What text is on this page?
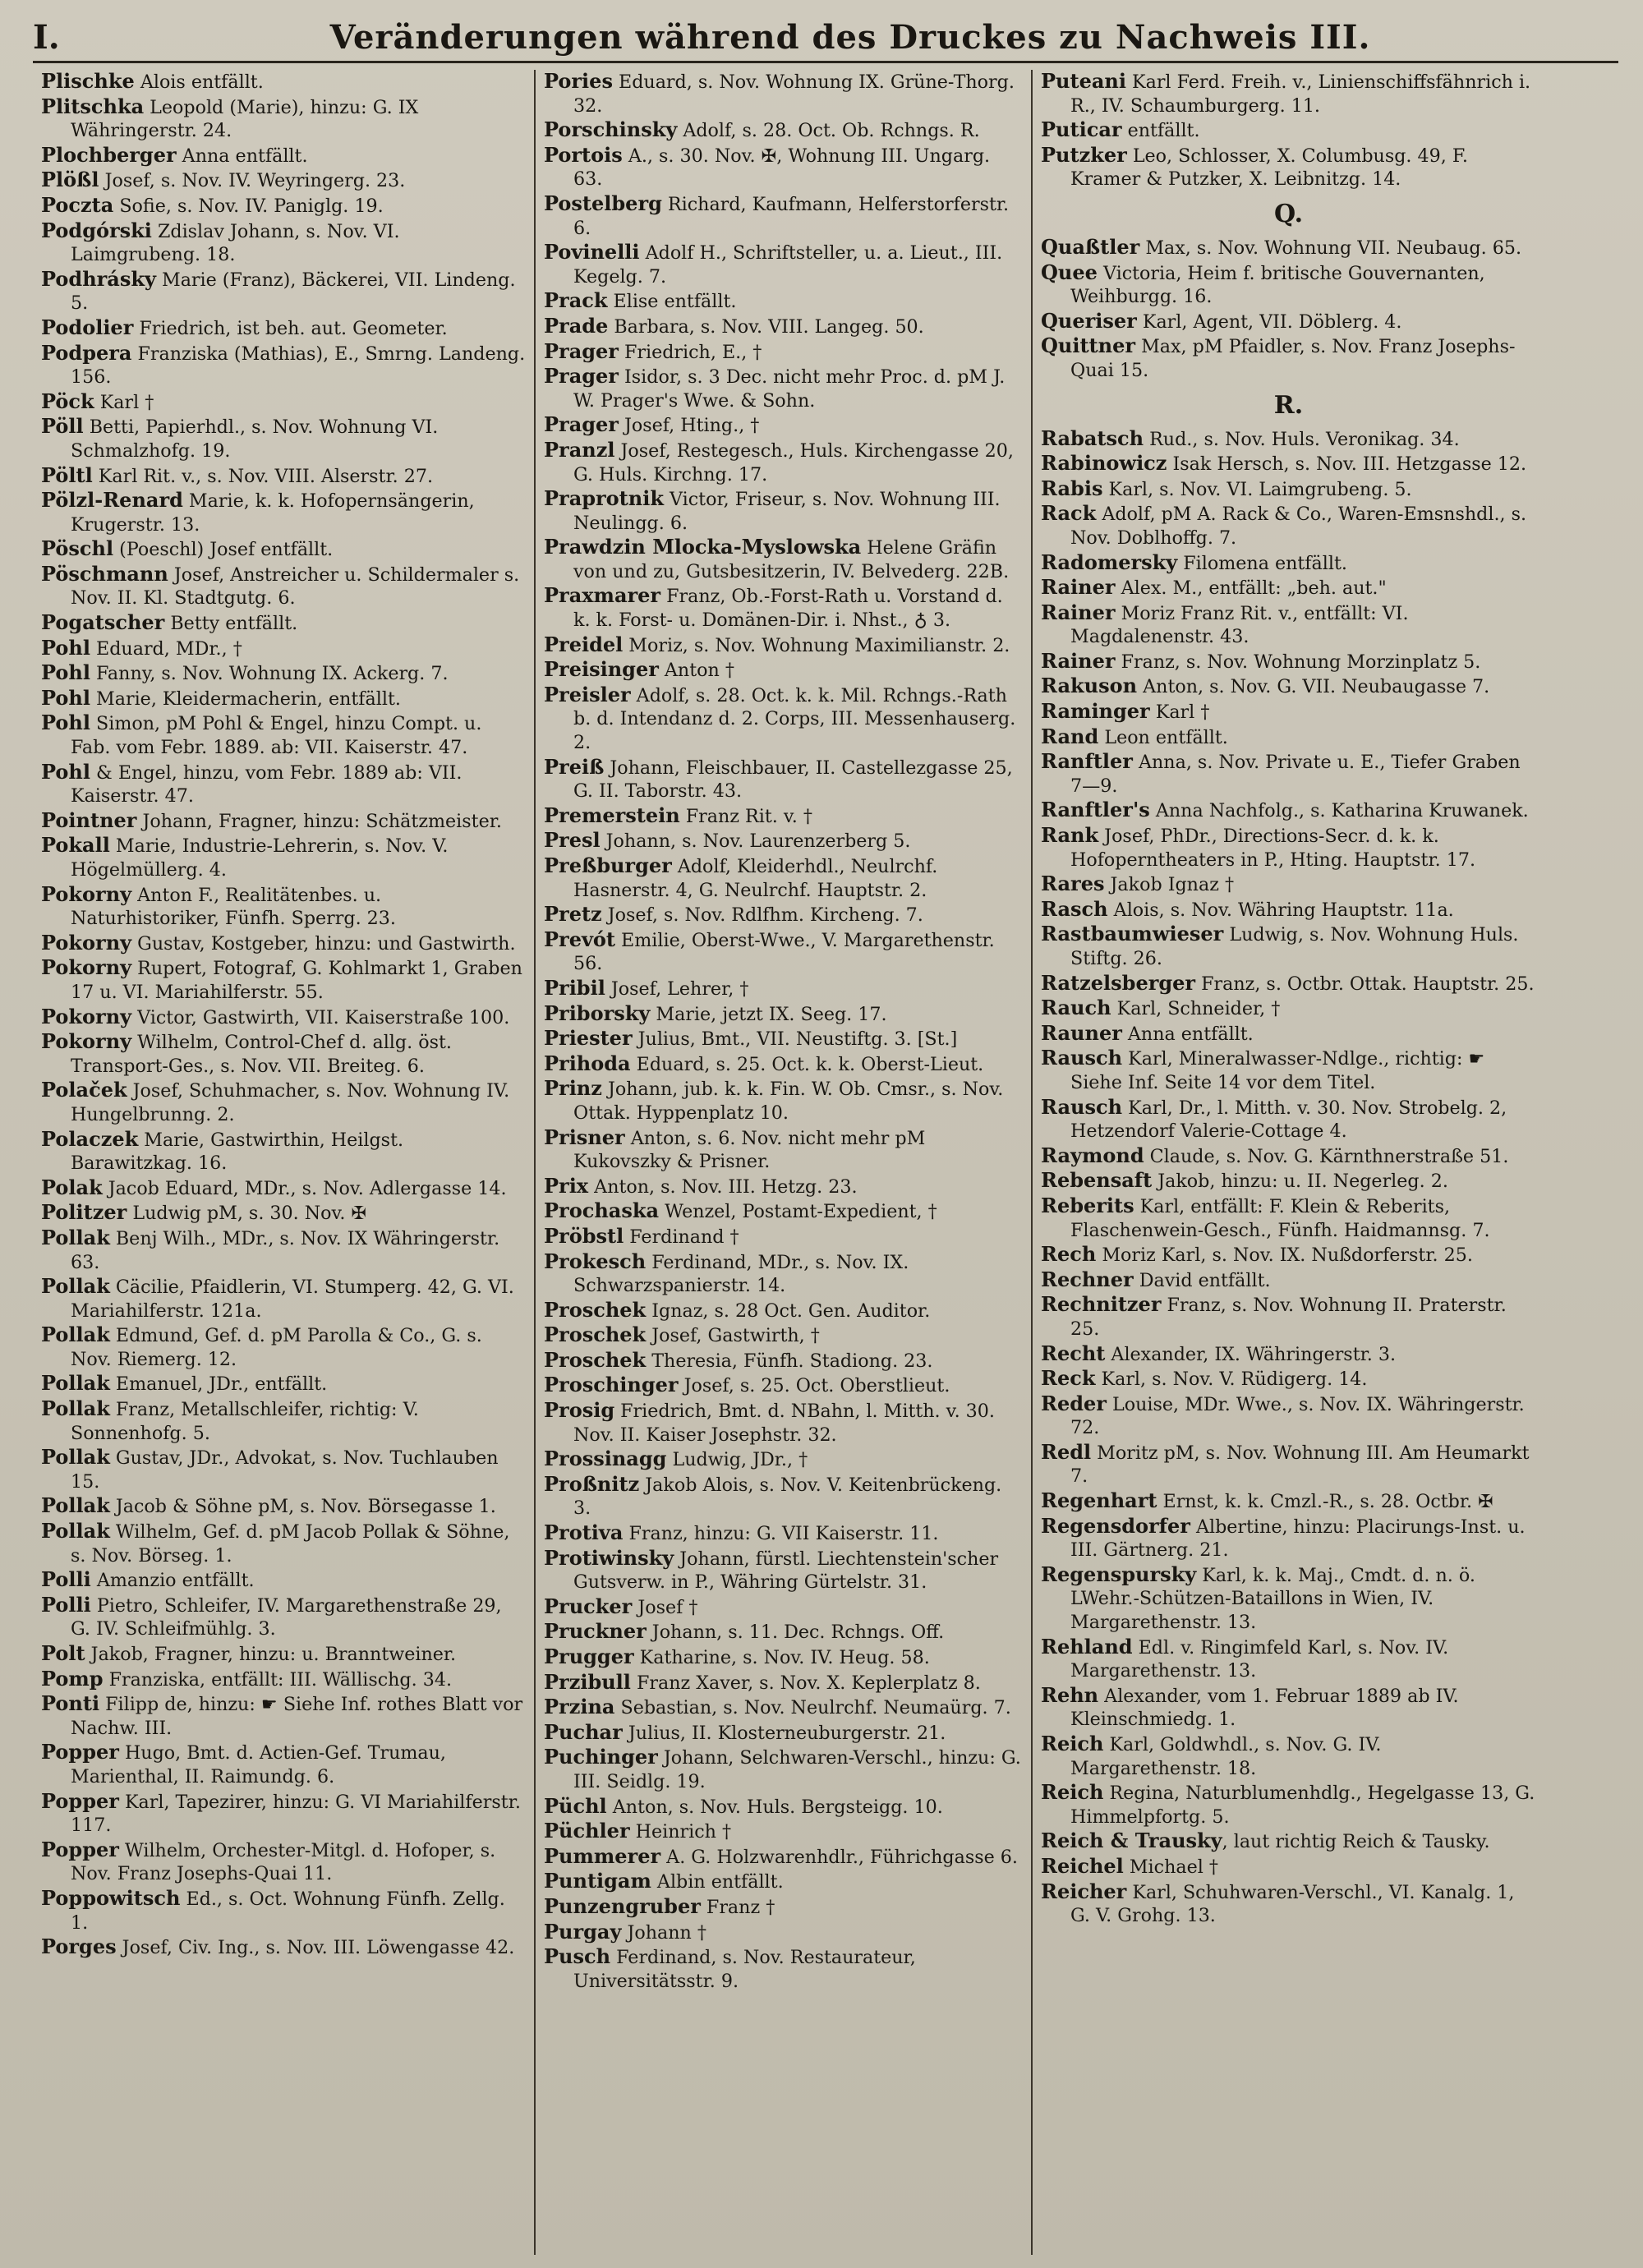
I.	Veränderungen während des Druckes zu Nachweis III.
Plischke Alois entfällt.
Plitschka Leopold (Marie), hinzu: G. IX Währingerstr. 24.
Plochberger Anna entfällt.
Plößl Josef, s. Nov. IV. Weyringerg. 23.
Poczta Sofie, s. Nov. IV. Paniglg. 19.
Podgórski Zdislav Johann, s. Nov. VI. Laimgrubeng. 18.
Podhrásky Marie (Franz), Bäckerei, VII. Lindeng. 5.
Podolier Friedrich, ist beh. aut. Geometer.
Podpera Franziska (Mathias), E., Smrng. Landeng. 156.
Pöck Karl †
Pöll Betti, Papierhdl., s. Nov. Wohnung VI. Schmalzhofg. 19.
Pöltl Karl Rit. v., s. Nov. VIII. Alserstr. 27.
Pölzl-Renard Marie, k. k. Hofopernsängerin, Krugerstr. 13.
Pöschl (Poeschl) Josef entfällt.
Pöschmann Josef, Anstreicher u. Schildermaler s. Nov. II. Kl. Stadtgutg. 6.
Pogatscher Betty entfällt.
Pohl Eduard, MDr., †
Pohl Fanny, s. Nov. Wohnung IX. Ackerg. 7.
Pohl Marie, Kleidermacherin, entfällt.
Pohl Simon, pM Pohl & Engel, hinzu Compt. u. Fab. vom Febr. 1889. ab: VII. Kaiserstr. 47.
Pohl & Engel, hinzu, vom Febr. 1889 ab: VII. Kaiserstr. 47.
Pointner Johann, Fragner, hinzu: Schätzmeister.
Pokall Marie, Industrie-Lehrerin, s. Nov. V. Högelmüllerg. 4.
Pokorny Anton F., Realitätenbes. u. Naturhistoriker, Fünfh. Sperrg. 23.
Pokorny Gustav, Kostgeber, hinzu: und Gastwirth.
Pokorny Rupert, Fotograf, G. Kohlmarkt 1, Graben 17 u. VI. Mariahilferstr. 55.
Pokorny Victor, Gastwirth, VII. Kaiserstraße 100.
Pokorny Wilhelm, Control-Chef d. allg. öst. Transport-Ges., s. Nov. VII. Breiteg. 6.
Polaček Josef, Schuhmacher, s. Nov. Wohnung IV. Hungelbrunng. 2.
Polaczek Marie, Gastwirthin, Heilgst. Barawitzkag. 16.
Polak Jacob Eduard, MDr., s. Nov. Adlergasse 14.
Politzer Ludwig pM, s. 30. Nov. ✠
Pollak Benj Wilh., MDr., s. Nov. IX Währingerstr. 63.
Pollak Cäcilie, Pfaidlerin, VI. Stumperg. 42, G. VI. Mariahilferstr. 121a.
Pollak Edmund, Gef. d. pM Parolla & Co., G. s. Nov. Riemerg. 12.
Pollak Emanuel, JDr., entfällt.
Pollak Franz, Metallschleifer, richtig: V. Sonnenhofg. 5.
Pollak Gustav, JDr., Advokat, s. Nov. Tuchlauben 15.
Pollak Jacob & Söhne pM, s. Nov. Börsegasse 1.
Pollak Wilhelm, Gef. d. pM Jacob Pollak & Söhne, s. Nov. Börseg. 1.
Polli Amanzio entfällt.
Polli Pietro, Schleifer, IV. Margarethenstraße 29, G. IV. Schleifmühlg. 3.
Polt Jakob, Fragner, hinzu: u. Branntweiner.
Pomp Franziska, entfällt: III. Wällischg. 34.
Ponti Filipp de, hinzu: ☛ Siehe Inf. rothes Blatt vor Nachw. III.
Popper Hugo, Bmt. d. Actien-Gef. Trumau, Marienthal, II. Raimundg. 6.
Popper Karl, Tapezirer, hinzu: G. VI Mariahilferstr. 117.
Popper Wilhelm, Orchester-Mitgl. d. Hofoper, s. Nov. Franz Josephs-Quai 11.
Poppowitsch Ed., s. Oct. Wohnung Fünfh. Zellg. 1.
Porges Josef, Civ. Ing., s. Nov. III. Löwengasse 42.
Pories Eduard, s. Nov. Wohnung IX. Grüne-Thorg. 32.
Porschinsky Adolf, s. 28. Oct. Ob. Rchngs. R.
Portois A., s. 30. Nov. ✠, Wohnung III. Ungarg. 63.
Postelberg Richard, Kaufmann, Helferstorferstr. 6.
Povinelli Adolf H., Schriftsteller, u. a. Lieut., III. Kegelg. 7.
Prack Elise entfällt.
Prade Barbara, s. Nov. VIII. Langeg. 50.
Prager Friedrich, E., †
Prager Isidor, s. 3 Dec. nicht mehr Proc. d. pM J. W. Prager's Wwe. & Sohn.
Prager Josef, Hting., †
Pranzl Josef, Restegesch., Huls. Kirchengasse 20, G. Huls. Kirchng. 17.
Praprotnik Victor, Friseur, s. Nov. Wohnung III. Neulingg. 6.
Prawdzin Mlocka-Myslowska Helene Gräfin von und zu, Gutsbesitzerin, IV. Belvederg. 22B.
Praxmarer Franz, Ob.-Forst-Rath u. Vorstand d. k. k. Forst- u. Domänen-Dir. i. Nhst., ♁ 3.
Preidel Moriz, s. Nov. Wohnung Maximilianstr. 2.
Preisinger Anton †
Preisler Adolf, s. 28. Oct. k. k. Mil. Rchngs.-Rath b. d. Intendanz d. 2. Corps, III. Messenhauserg. 2.
Preiß Johann, Fleischbauer, II. Castellezgasse 25, G. II. Taborstr. 43.
Premerstein Franz Rit. v. †
Presl Johann, s. Nov. Laurenzerberg 5.
Preßburger Adolf, Kleiderhdl., Neulrchf. Hasnerstr. 4, G. Neulrchf. Hauptstr. 2.
Pretz Josef, s. Nov. Rdlfhm. Kircheng. 7.
Prevót Emilie, Oberst-Wwe., V. Margarethenstr. 56.
Pribil Josef, Lehrer, †
Priborsky Marie, jetzt IX. Seeg. 17.
Priester Julius, Bmt., VII. Neustiftg. 3. [St.]
Prihoda Eduard, s. 25. Oct. k. k. Oberst-Lieut.
Prinz Johann, jub. k. k. Fin. W. Ob. Cmsr., s. Nov. Ottak. Hyppenplatz 10.
Prisner Anton, s. 6. Nov. nicht mehr pM Kukovszky & Prisner.
Prix Anton, s. Nov. III. Hetzg. 23.
Prochaska Wenzel, Postamt-Expedient, †
Pröbstl Ferdinand †
Prokesch Ferdinand, MDr., s. Nov. IX. Schwarzspanierstr. 14.
Proschek Ignaz, s. 28 Oct. Gen. Auditor.
Proschek Josef, Gastwirth, †
Proschek Theresia, Fünfh. Stadiong. 23.
Proschinger Josef, s. 25. Oct. Oberstlieut.
Prosig Friedrich, Bmt. d. NBahn, l. Mitth. v. 30. Nov. II. Kaiser Josephstr. 32.
Prossinagg Ludwig, JDr., †
Proßnitz Jakob Alois, s. Nov. V. Keitenbrückeng. 3.
Protiva Franz, hinzu: G. VII Kaiserstr. 11.
Protiwinsky Johann, fürstl. Liechtenstein'scher Gutsverw. in P., Währing Gürtelstr. 31.
Prucker Josef †
Pruckner Johann, s. 11. Dec. Rchngs. Off.
Prugger Katharine, s. Nov. IV. Heug. 58.
Przibull Franz Xaver, s. Nov. X. Keplerplatz 8.
Przina Sebastian, s. Nov. Neulrchf. Neumaürg. 7.
Puchar Julius, II. Klosterneuburgerstr. 21.
Puchinger Johann, Selchwaren-Verschl., hinzu: G. III. Seidlg. 19.
Püchl Anton, s. Nov. Huls. Bergsteigg. 10.
Püchler Heinrich †
Pummerer A. G. Holzwarenhdlr., Führichgasse 6.
Puntigam Albin entfällt.
Punzengruber Franz †
Purgay Johann †
Pusch Ferdinand, s. Nov. Restaurateur, Universitätsstr. 9.
Puteani Karl Ferd. Freih. v., Linienschiffsfähnrich i. R., IV. Schaumburgerg. 11.
Puticar entfällt.
Putzker Leo, Schlosser, X. Columbusg. 49, F. Kramer & Putzker, X. Leibnitzg. 14.
Q.
Quaßtler Max, s. Nov. Wohnung VII. Neubaug. 65.
Quee Victoria, Heim f. britische Gouvernanten, Weihburgg. 16.
Queriser Karl, Agent, VII. Döblerg. 4.
Quittner Max, pM Pfaidler, s. Nov. Franz Josephs-Quai 15.
R.
Rabatsch Rud., s. Nov. Huls. Veronikag. 34.
Rabinowicz Isak Hersch, s. Nov. III. Hetzgasse 12.
Rabis Karl, s. Nov. VI. Laimgrubeng. 5.
Rack Adolf, pM A. Rack & Co., Waren-Emsnshdl., s. Nov. Doblhoffg. 7.
Radomersky Filomena entfällt.
Rainer Alex. M., entfällt: „beh. aut."
Rainer Moriz Franz Rit. v., entfällt: VI. Magdalenenstr. 43.
Rainer Franz, s. Nov. Wohnung Morzinplatz 5.
Rakuson Anton, s. Nov. G. VII. Neubaugasse 7.
Raminger Karl †
Rand Leon entfällt.
Ranftler Anna, s. Nov. Private u. E., Tiefer Graben 7—9.
Ranftler's Anna Nachfolg., s. Katharina Kruwanek.
Rank Josef, PhDr., Directions-Secr. d. k. k. Hofoperntheaters in P., Hting. Hauptstr. 17.
Rares Jakob Ignaz †
Rasch Alois, s. Nov. Währing Hauptstr. 11a.
Rastbaumwieser Ludwig, s. Nov. Wohnung Huls. Stiftg. 26.
Ratzelsberger Franz, s. Octbr. Ottak. Hauptstr. 25.
Rauch Karl, Schneider, †
Rauner Anna entfällt.
Rausch Karl, Mineralwasser-Ndlge., richtig: ☛ Siehe Inf. Seite 14 vor dem Titel.
Rausch Karl, Dr., l. Mitth. v. 30. Nov. Strobelg. 2, Hetzendorf Valerie-Cottage 4.
Raymond Claude, s. Nov. G. Kärnthnerstraße 51.
Rebensaft Jakob, hinzu: u. II. Negerleg. 2.
Reberits Karl, entfällt: F. Klein & Reberits, Flaschenwein-Gesch., Fünfh. Haidmannsg. 7.
Rech Moriz Karl, s. Nov. IX. Nußdorferstr. 25.
Rechner David entfällt.
Rechnitzer Franz, s. Nov. Wohnung II. Praterstr. 25.
Recht Alexander, IX. Währingerstr. 3.
Reck Karl, s. Nov. V. Rüdigerg. 14.
Reder Louise, MDr. Wwe., s. Nov. IX. Währingerstr. 72.
Redl Moritz pM, s. Nov. Wohnung III. Am Heumarkt 7.
Regenhart Ernst, k. k. Cmzl.-R., s. 28. Octbr. ✠
Regensdorfer Albertine, hinzu: Placirungs-Inst. u. III. Gärtnerg. 21.
Regenspursky Karl, k. k. Maj., Cmdt. d. n. ö. LWehr.-Schützen-Bataillons in Wien, IV. Margarethenstr. 13.
Rehland Edl. v. Ringimfeld Karl, s. Nov. IV. Margarethenstr. 13.
Rehn Alexander, vom 1. Februar 1889 ab IV. Kleinschmiedg. 1.
Reich Karl, Goldwhdl., s. Nov. G. IV. Margarethenstr. 18.
Reich Regina, Naturblumenhdlg., Hegelgasse 13, G. Himmelpfortg. 5.
Reich & Trausky, laut richtig Reich & Tausky.
Reichel Michael †
Reicher Karl, Schuhwaren-Verschl., VI. Kanalg. 1, G. V. Grohg. 13.
